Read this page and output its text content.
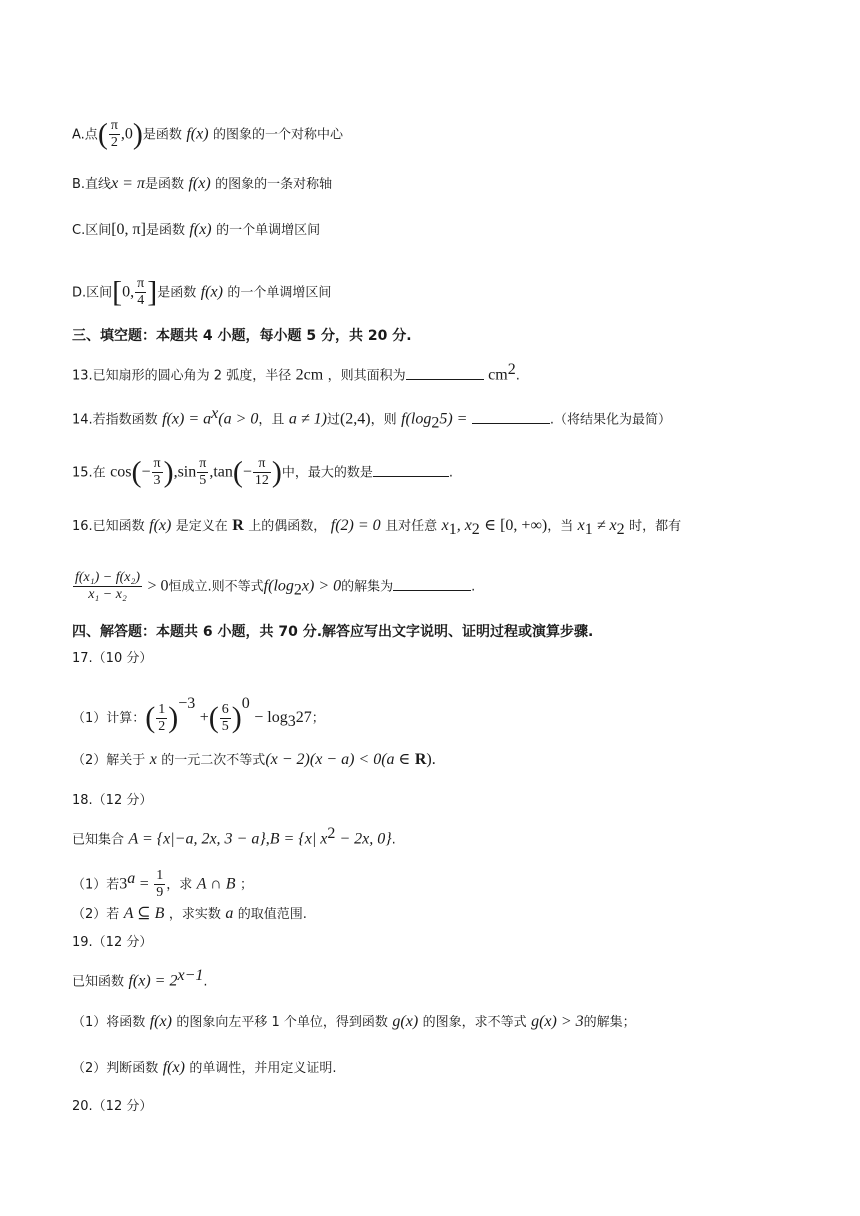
A.点( $\frac{\pi}{2} ,0$)是函数 f(x) 的图象的一个对称中心
B.直线x = π是函数 f(x) 的图象的一条对称轴
C.区间[0, π]是函数 f(x) 的一个单调增区间
D.区间[0, $\frac{\pi}{4}$ ]是函数 f(x) 的一个单调增区间
三、填空题：本题共 4 小题，每小题 5 分，共 20 分.
13.已知扇形的圆心角为 2 弧度，半径 2cm ，则其面积为	$cm^2$.
14.若指数函数 $f(x) = a^x(a > 0$，且 a ≠ 1)过(2,4)，则 $f(\log_25)$ =	.（将结果化为最简）
15.在 $\cos(- \frac{\pi}{3} ),\sin \frac{\pi}{5} ,\tan(- \frac{\pi}{12}$ )中，最大的数是	.
16.已知函数 f(x) 是定义在 R 上的偶函数， f(2) = 0 且对任意 $x_1$, $x_2$ ∈ [0, +∞)，当 $x_1 \ne x_2$ 时，都有
$\frac{\text{f(x₁) − f(x₂)}}{\text{x₁ − x₂}} > 0$恒成立.则不等式$f(\log_2x) > 0$的解集为	.
四、解答题：本题共 6 小题，共 70 分.解答应写出文字说明、证明过程或演算步骤.
17.（10 分）
（1）计算：( $\frac{1}{2} )^{-3}$ +( $\frac{6}{5} )^0 - \log_327$；
（2）解关于 x 的一元二次不等式(x − 2)(x − a) < 0(a ∈ R).
18.（12 分）
已知集合 A = {x|−a, 2x, 3 − a},B = {x| $x^2 - 2x$, 0}.
（1）若$3^a = \frac{1}{9}$ ，求 A ∩ B ；
（2）若 A ⊆ B ，求实数 a 的取值范围.
19.（12 分）
已知函数 $f(x) = 2^{x-1}$.
（1）将函数 f(x) 的图象向左平移 1 个单位，得到函数 g(x) 的图象，求不等式 g(x) > 3的解集；
（2）判断函数 f(x) 的单调性，并用定义证明.
20.（12 分）
